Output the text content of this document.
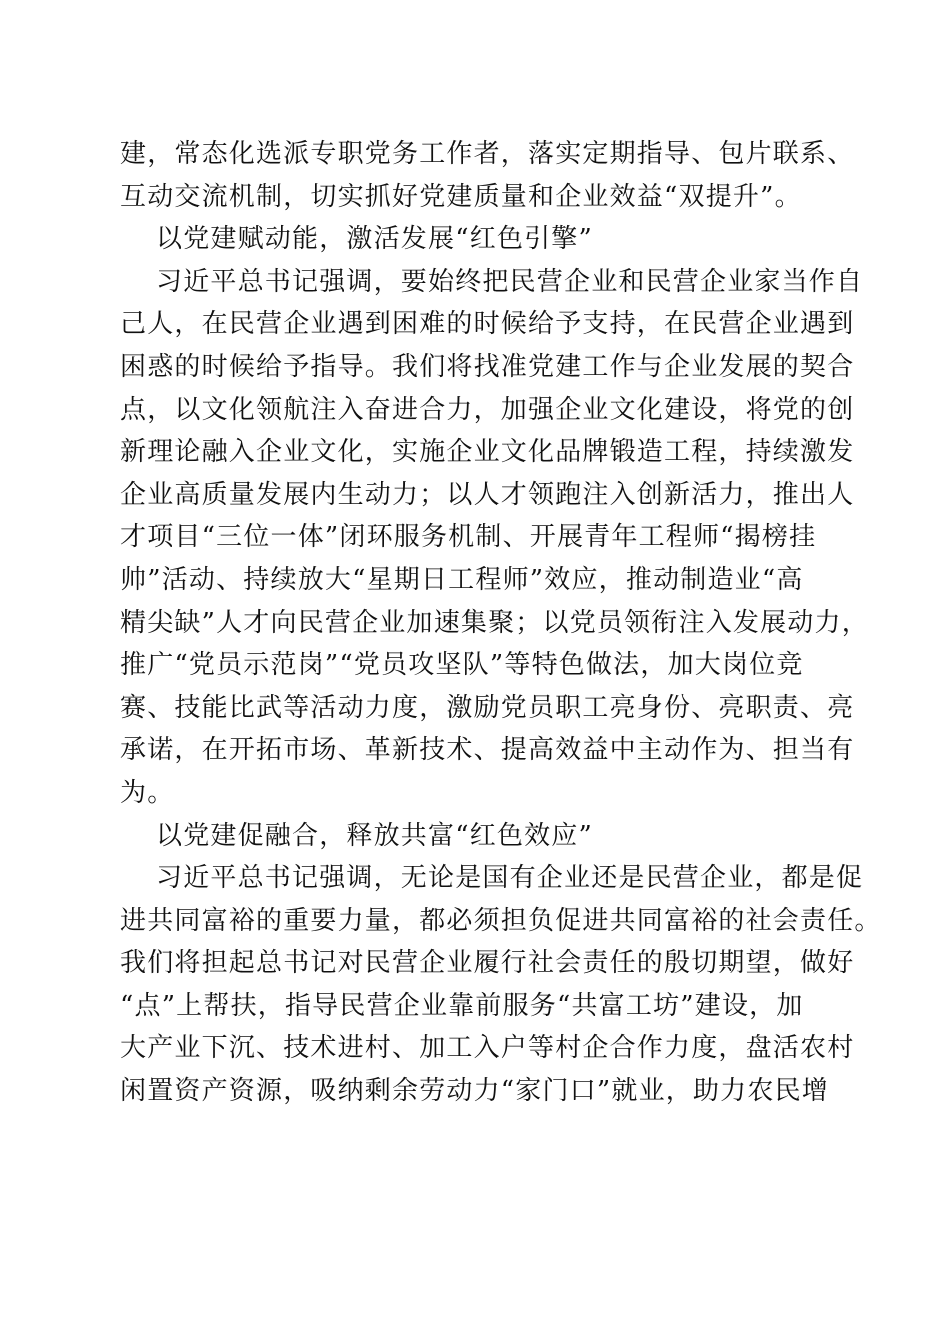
建，常态化选派专职党务工作者，落实定期指导、包片联系、
互动交流机制，切实抓好党建质量和企业效益“双提升”。
以党建赋动能，激活发展“红色引擎”
习近平总书记强调，要始终把民营企业和民营企业家当作自
己人，在民营企业遇到困难的时候给予支持，在民营企业遇到
困惑的时候给予指导。我们将找准党建工作与企业发展的契合
点，以文化领航注入奋进合力，加强企业文化建设，将党的创
新理论融入企业文化，实施企业文化品牌锻造工程，持续激发
企业高质量发展内生动力；以人才领跑注入创新活力，推出人
才项目“三位一体”闭环服务机制、开展青年工程师“揭榜挂
帅”活动、持续放大“星期日工程师”效应，推动制造业“高
精尖缺”人才向民营企业加速集聚；以党员领衔注入发展动力，
推广“党员示范岗”“党员攻坚队”等特色做法，加大岗位竞
赛、技能比武等活动力度，激励党员职工亮身份、亮职责、亮
承诺，在开拓市场、革新技术、提高效益中主动作为、担当有
为。
以党建促融合，释放共富“红色效应”
习近平总书记强调，无论是国有企业还是民营企业，都是促
进共同富裕的重要力量，都必须担负促进共同富裕的社会责任。
我们将担起总书记对民营企业履行社会责任的殷切期望，做好
“点”上帮扶，指导民营企业靠前服务“共富工坊”建设，加
大产业下沉、技术进村、加工入户等村企合作力度，盘活农村
闲置资产资源，吸纳剩余劳动力“家门口”就业，助力农民增
